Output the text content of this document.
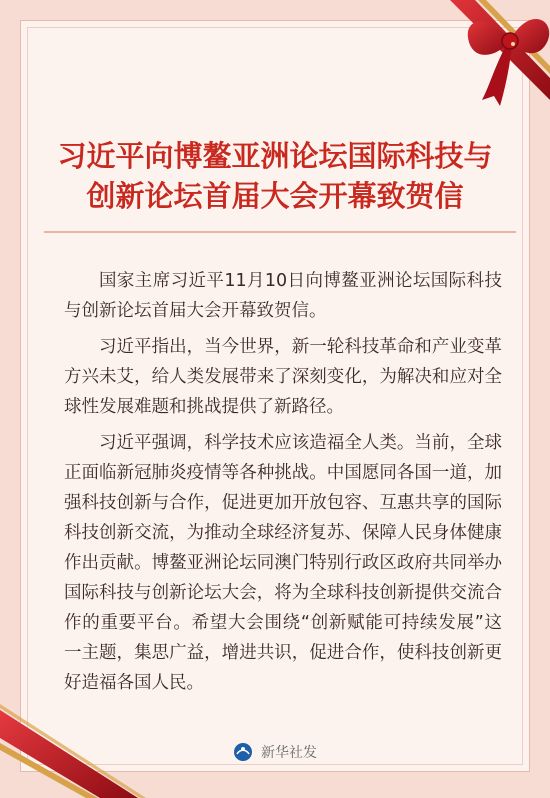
习近平向博鳌亚洲论坛国际科技与
创新论坛首届大会开幕致贺信

国家主席习近平11月10日向博鳌亚洲论坛国际科技与创新论坛首届大会开幕致贺信。

习近平指出，当今世界，新一轮科技革命和产业变革方兴未艾，给人类发展带来了深刻变化，为解决和应对全球性发展难题和挑战提供了新路径。

习近平强调，科学技术应该造福全人类。当前，全球正面临新冠肺炎疫情等各种挑战。中国愿同各国一道，加强科技创新与合作，促进更加开放包容、互惠共享的国际科技创新交流，为推动全球经济复苏、保障人民身体健康作出贡献。博鳌亚洲论坛同澳门特别行政区政府共同举办国际科技与创新论坛大会，将为全球科技创新提供交流合作的重要平台。希望大会围绕“创新赋能可持续发展”这一主题，集思广益，增进共识，促进合作，使科技创新更好造福各国人民。

新华社发
